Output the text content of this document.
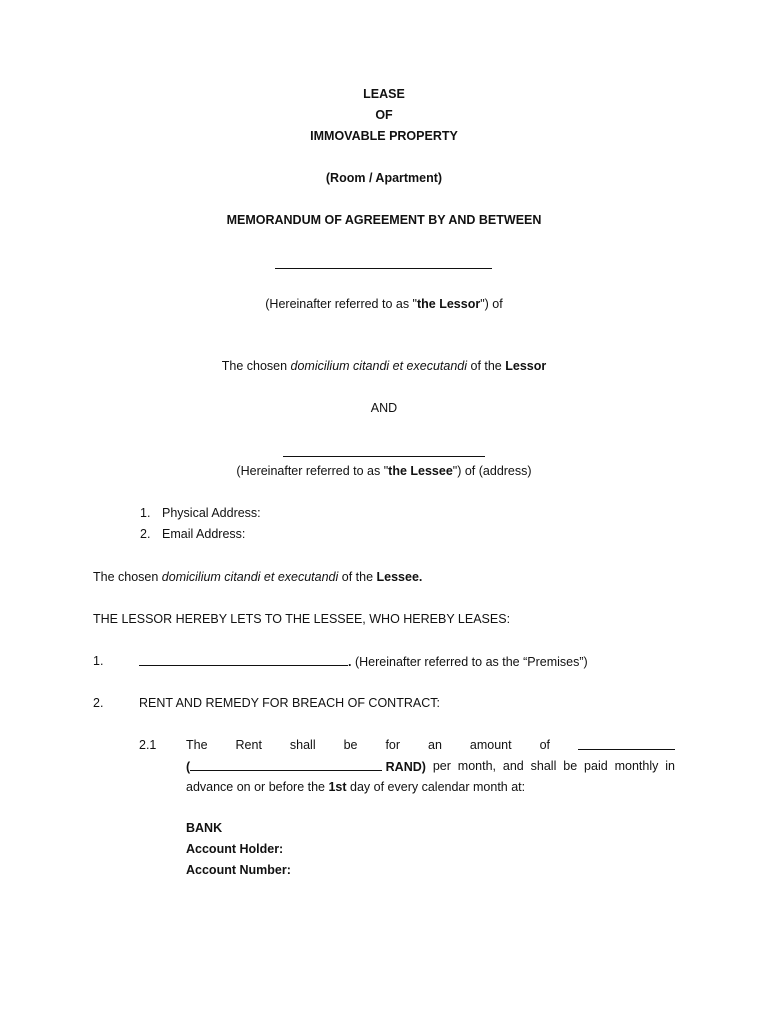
LEASE
OF
IMMOVABLE PROPERTY
(Room / Apartment)
MEMORANDUM OF AGREEMENT BY AND BETWEEN
(Hereinafter referred to as "the Lessor") of
The chosen domicilium citandi et executandi of the Lessor
AND
(Hereinafter referred to as "the Lessee") of (address)
1. Physical Address:
2. Email Address:
The chosen domicilium citandi et executandi of the Lessee.
THE LESSOR HEREBY LETS TO THE LESSEE, WHO HEREBY LEASES:
1.	. (Hereinafter referred to as the “Premises”)
2.	RENT AND REMEDY FOR BREACH OF CONTRACT:
2.1 The Rent shall be for an amount of
(	RAND) per month, and shall be paid monthly in
advance on or before the 1st day of every calendar month at:
BANK
Account Holder:
Account Number:
